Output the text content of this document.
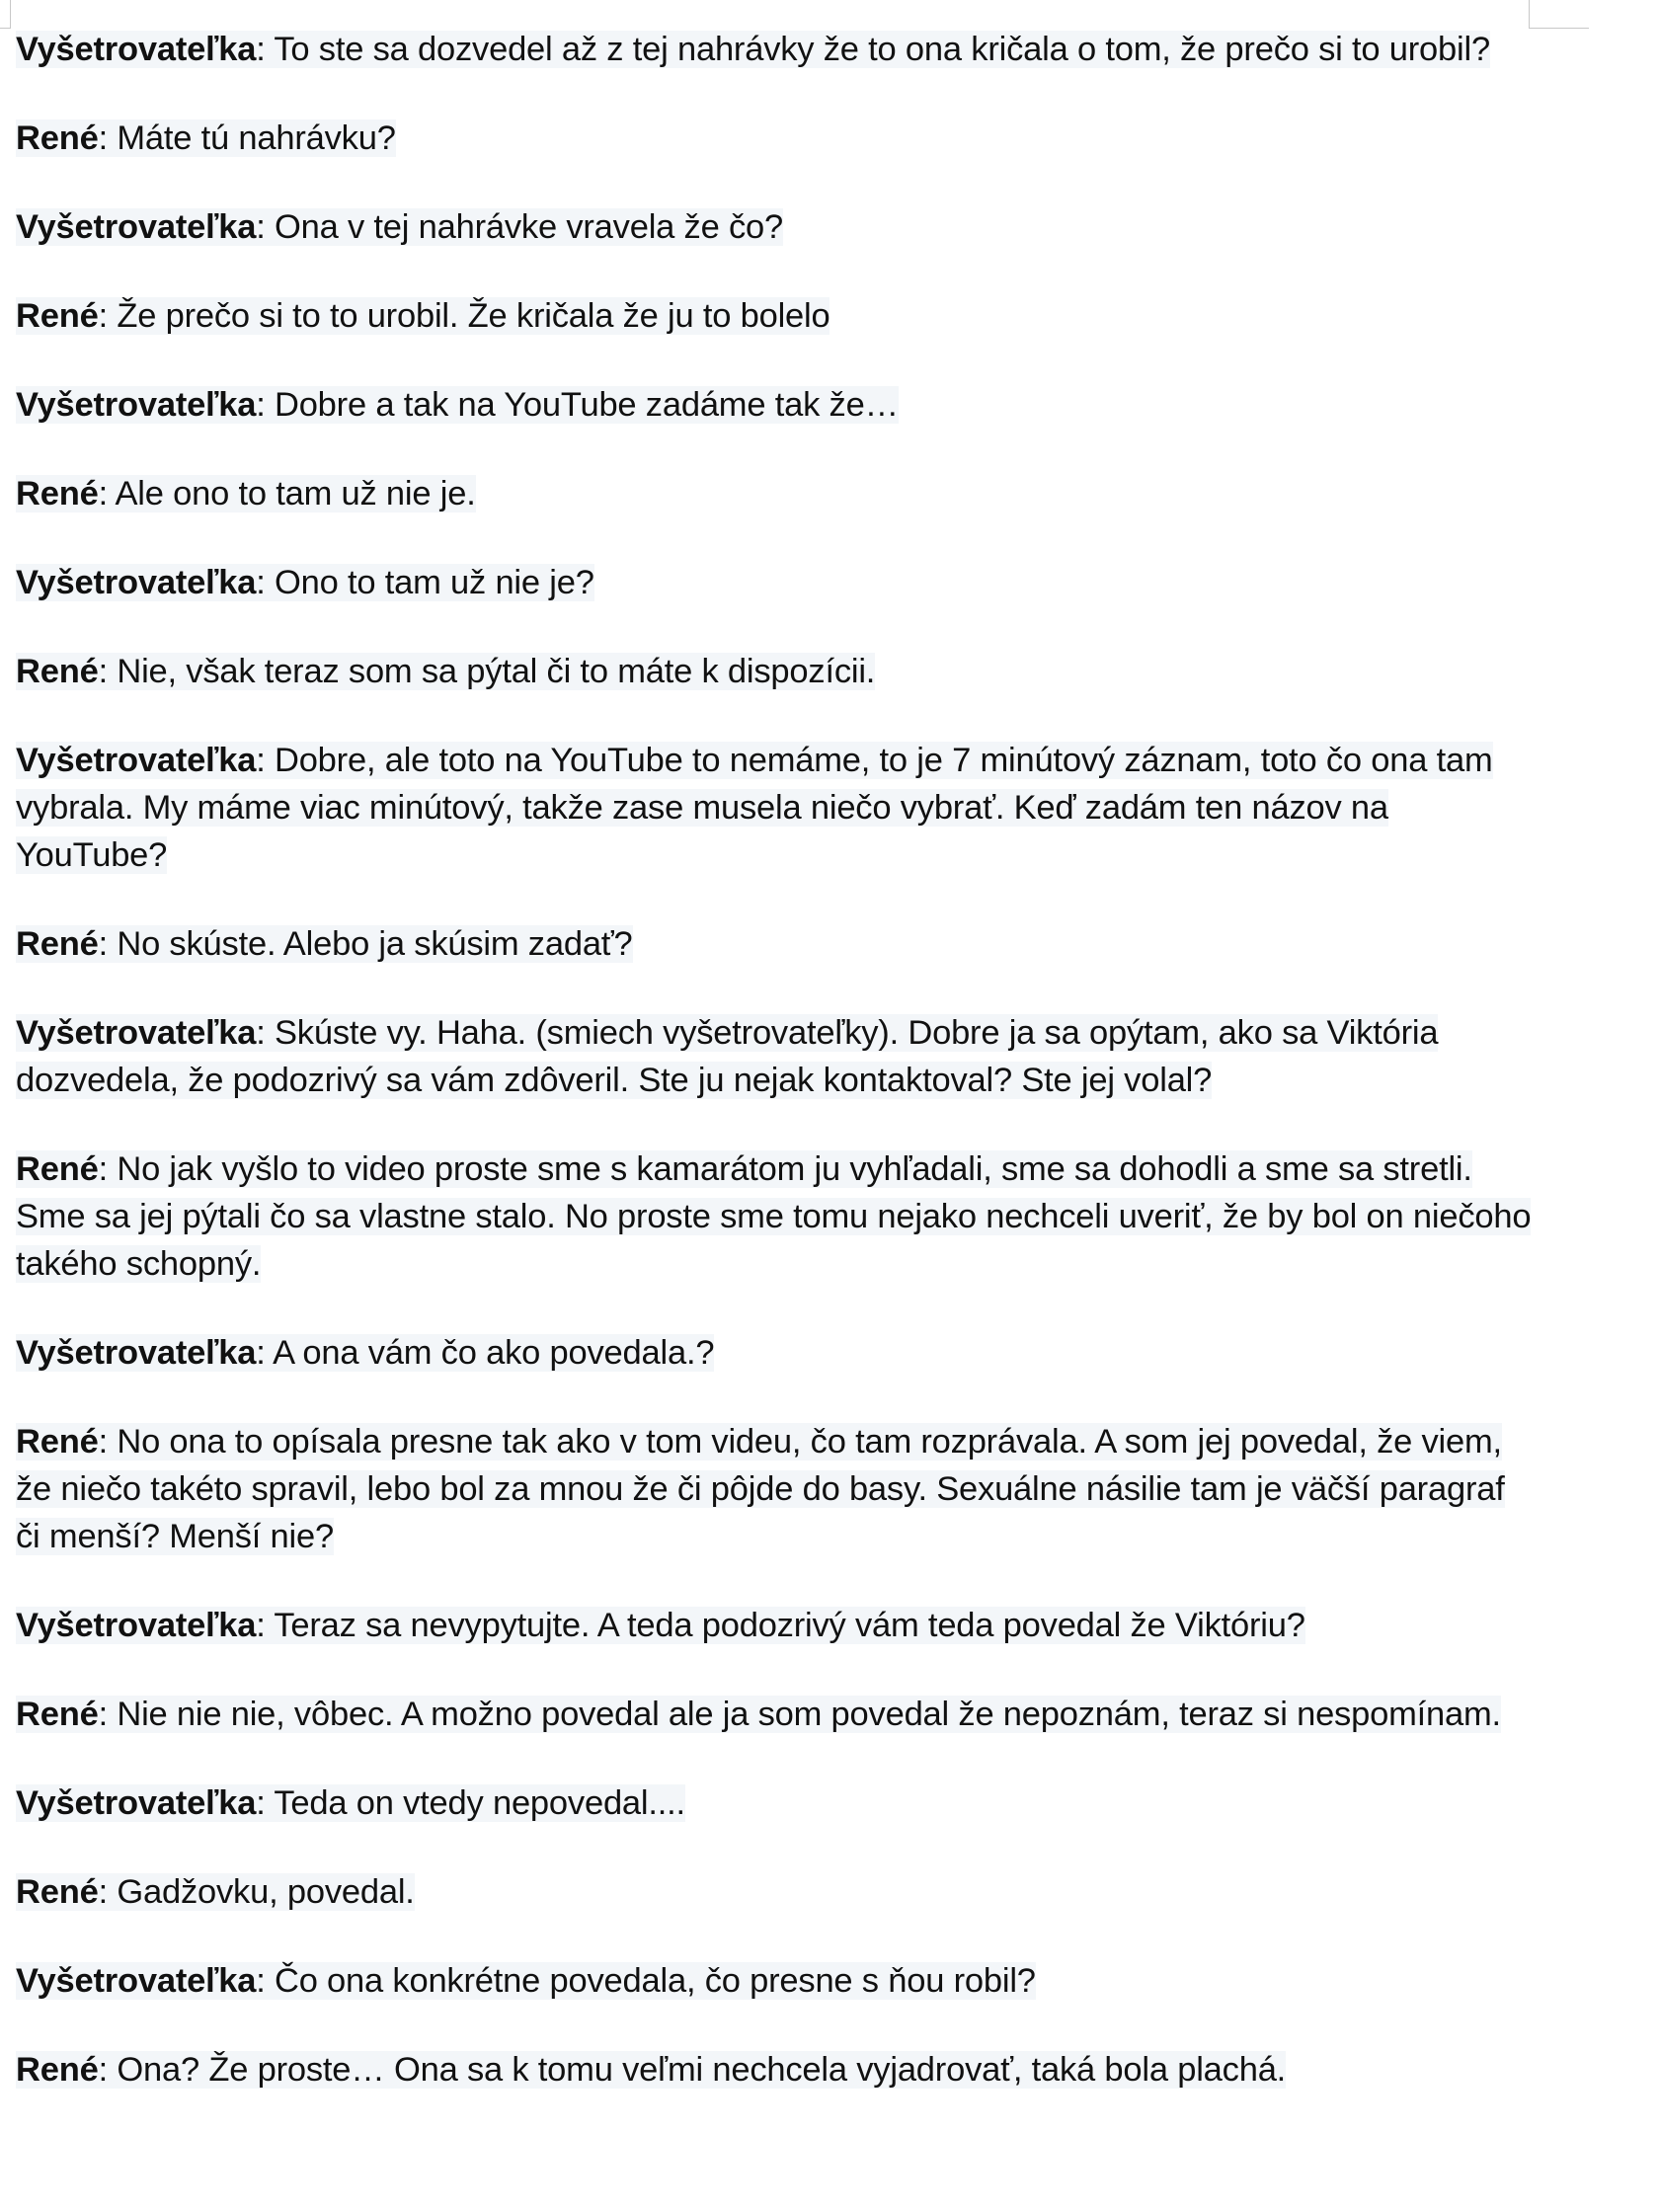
Vyšetrovateľka: To ste sa dozvedel až z tej nahrávky že to ona kričala o tom, že prečo si to urobil?

René: Máte tú nahrávku?

Vyšetrovateľka: Ona v tej nahrávke vravela že čo?

René: Že prečo si to to urobil. Že kričala že ju to bolelo

Vyšetrovateľka: Dobre a tak na YouTube zadáme tak že…

René: Ale ono to tam už nie je.

Vyšetrovateľka: Ono to tam už nie je?

René: Nie, však teraz som sa pýtal či to máte k dispozícii.

Vyšetrovateľka: Dobre, ale toto na YouTube to nemáme, to je 7 minútový záznam, toto čo ona tam vybrala. My máme viac minútový, takže zase musela niečo vybrať. Keď zadám ten názov na YouTube?

René: No skúste. Alebo ja skúsim zadať?

Vyšetrovateľka: Skúste vy. Haha. (smiech vyšetrovateľky). Dobre ja sa opýtam, ako sa Viktória dozvedela, že podozrivý sa vám zdôveril. Ste ju nejak kontaktoval? Ste jej volal?

René: No jak vyšlo to video proste sme s kamarátom ju vyhľadali, sme sa dohodli a sme sa stretli. Sme sa jej pýtali čo sa vlastne stalo. No proste sme tomu nejako nechceli uveriť, že by bol on niečoho takého schopný.

Vyšetrovateľka: A ona vám čo ako povedala.?

René: No ona to opísala presne tak ako v tom videu, čo tam rozprávala. A som jej povedal, že viem, že niečo takéto spravil, lebo bol za mnou že či pôjde do basy. Sexuálne násilie tam je väčší paragraf či menší? Menší nie?

Vyšetrovateľka: Teraz sa nevypytujte. A teda podozrivý vám teda povedal že Viktóriu?

René: Nie nie nie, vôbec. A možno povedal ale ja som povedal že nepoznám, teraz si nespomínam.

Vyšetrovateľka: Teda on vtedy nepovedal....

René: Gadžovku, povedal.

Vyšetrovateľka: Čo ona konkrétne povedala, čo presne s ňou robil?

René: Ona? Že proste… Ona sa k tomu veľmi nechcela vyjadrovať, taká bola plachá.
